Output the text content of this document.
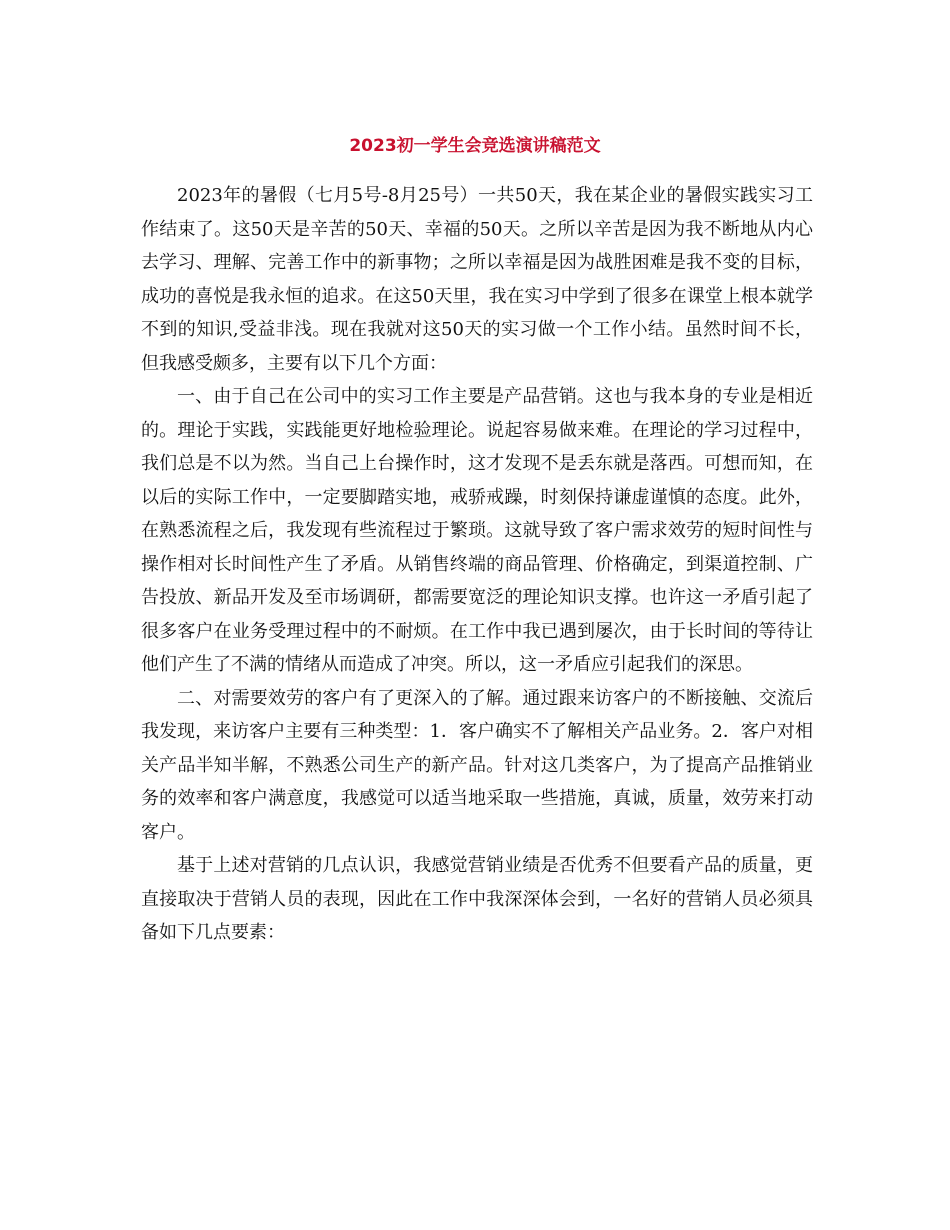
2023初一学生会竞选演讲稿范文

2023年的暑假（七月5号-8月25号）一共50天，我在某企业的暑假实践实习工作结束了。这50天是辛苦的50天、幸福的50天。之所以辛苦是因为我不断地从内心去学习、理解、完善工作中的新事物；之所以幸福是因为战胜困难是我不变的目标，成功的喜悦是我永恒的追求。在这50天里，我在实习中学到了很多在课堂上根本就学不到的知识,受益非浅。现在我就对这50天的实习做一个工作小结。虽然时间不长，但我感受颇多，主要有以下几个方面：

一、由于自己在公司中的实习工作主要是产品营销。这也与我本身的专业是相近的。理论于实践，实践能更好地检验理论。说起容易做来难。在理论的学习过程中，我们总是不以为然。当自己上台操作时，这才发现不是丢东就是落西。可想而知，在以后的实际工作中，一定要脚踏实地，戒骄戒躁，时刻保持谦虚谨慎的态度。此外，在熟悉流程之后，我发现有些流程过于繁琐。这就导致了客户需求效劳的短时间性与操作相对长时间性产生了矛盾。从销售终端的商品管理、价格确定，到渠道控制、广告投放、新品开发及至市场调研，都需要宽泛的理论知识支撑。也许这一矛盾引起了很多客户在业务受理过程中的不耐烦。在工作中我已遇到屡次，由于长时间的等待让他们产生了不满的情绪从而造成了冲突。所以，这一矛盾应引起我们的深思。

二、对需要效劳的客户有了更深入的了解。通过跟来访客户的不断接触、交流后我发现，来访客户主要有三种类型：1．客户确实不了解相关产品业务。2．客户对相关产品半知半解，不熟悉公司生产的新产品。针对这几类客户，为了提高产品推销业务的效率和客户满意度，我感觉可以适当地采取一些措施，真诚，质量，效劳来打动客户。

基于上述对营销的几点认识，我感觉营销业绩是否优秀不但要看产品的质量，更直接取决于营销人员的表现，因此在工作中我深深体会到，一名好的营销人员必须具备如下几点要素：
